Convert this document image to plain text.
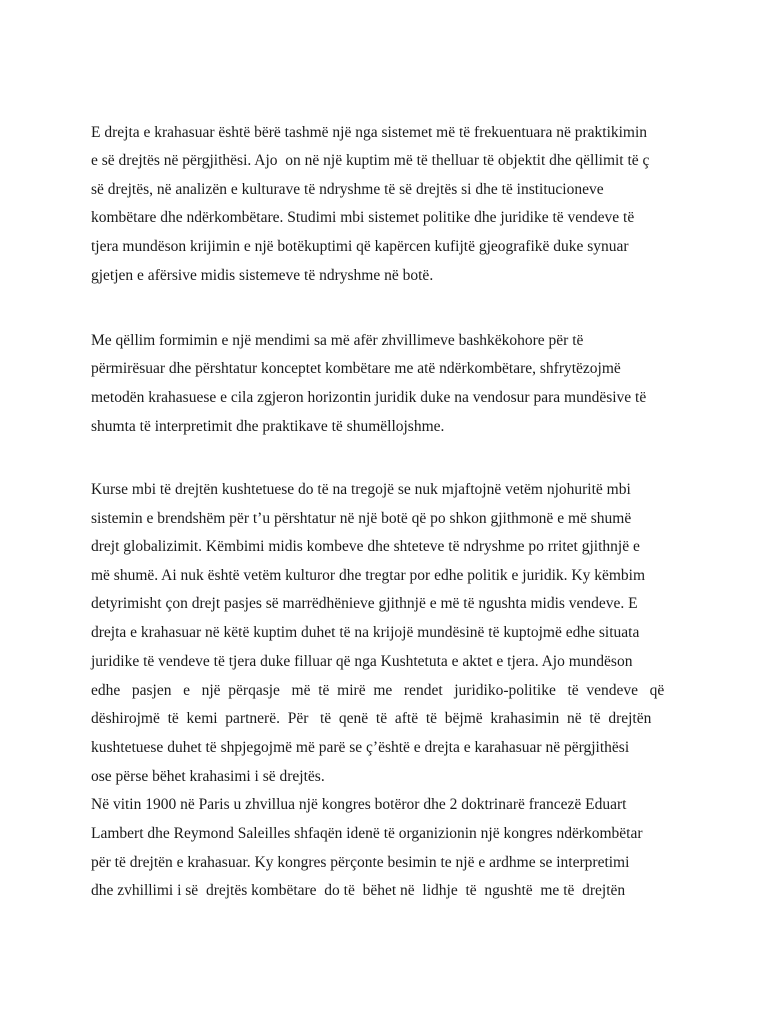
E drejta e krahasuar është bërë tashmë një nga sistemet më të frekuentuara në praktikimin

e së drejtës në përgjithësi. Ajo  on në një kuptim më të thelluar të objektit dhe qëllimit të ç

së drejtës, në analizën e kulturave të ndryshme të së drejtës si dhe të institucioneve

kombëtare dhe ndërkombëtare. Studimi mbi sistemet politike dhe juridike të vendeve të

tjera mundëson krijimin e një botëkuptimi që kapërcen kufijtë gjeografikë duke synuar

gjetjen e afërsive midis sistemeve të ndryshme në botë.

Me qëllim formimin e një mendimi sa më afër zhvillimeve bashkëkohore për të

përmirësuar dhe përshtatur konceptet kombëtare me atë ndërkombëtare, shfrytëzojmë

metodën krahasuese e cila zgjeron horizontin juridik duke na vendosur para mundësive të

shumta të interpretimit dhe praktikave të shumëllojshme.

Kurse mbi të drejtën kushtetuese do të na tregojë se nuk mjaftojnë vetëm njohuritë mbi

sistemin e brendshëm për t’u përshtatur në një botë që po shkon gjithmonë e më shumë

drejt globalizimit. Këmbimi midis kombeve dhe shteteve të ndryshme po rritet gjithnjë e

më shumë. Ai nuk është vetëm kulturor dhe tregtar por edhe politik e juridik. Ky këmbim

detyrimisht çon drejt pasjes së marrëdhënieve gjithnjë e më të ngushta midis vendeve. E

drejta e krahasuar në këtë kuptim duhet të na krijojë mundësinë të kuptojmë edhe situata

juridike të vendeve të tjera duke filluar që nga Kushtetuta e aktet e tjera. Ajo mundëson

edhe   pasjen   e   një  përqasje   më  të  mirë  me   rendet   juridiko-politike   të  vendeve   që

dëshirojmë  të  kemi  partnerë.  Për   të  qenë  të  aftë  të  bëjmë  krahasimin  në  të  drejtën

kushtetuese duhet të shpjegojmë më parë se ç’është e drejta e karahasuar në përgjithësi

ose përse bëhet krahasimi i së drejtës.

Në vitin 1900 në Paris u zhvillua një kongres botëror dhe 2 doktrinarë francezë Eduart

Lambert dhe Reymond Saleilles shfaqën idenë të organizionin një kongres ndërkombëtar

për të drejtën e krahasuar. Ky kongres përçonte besimin te një e ardhme se interpretimi

dhe zvhillimi i së  drejtës kombëtare  do të  bëhet në  lidhje  të  ngushtë  me të  drejtën
